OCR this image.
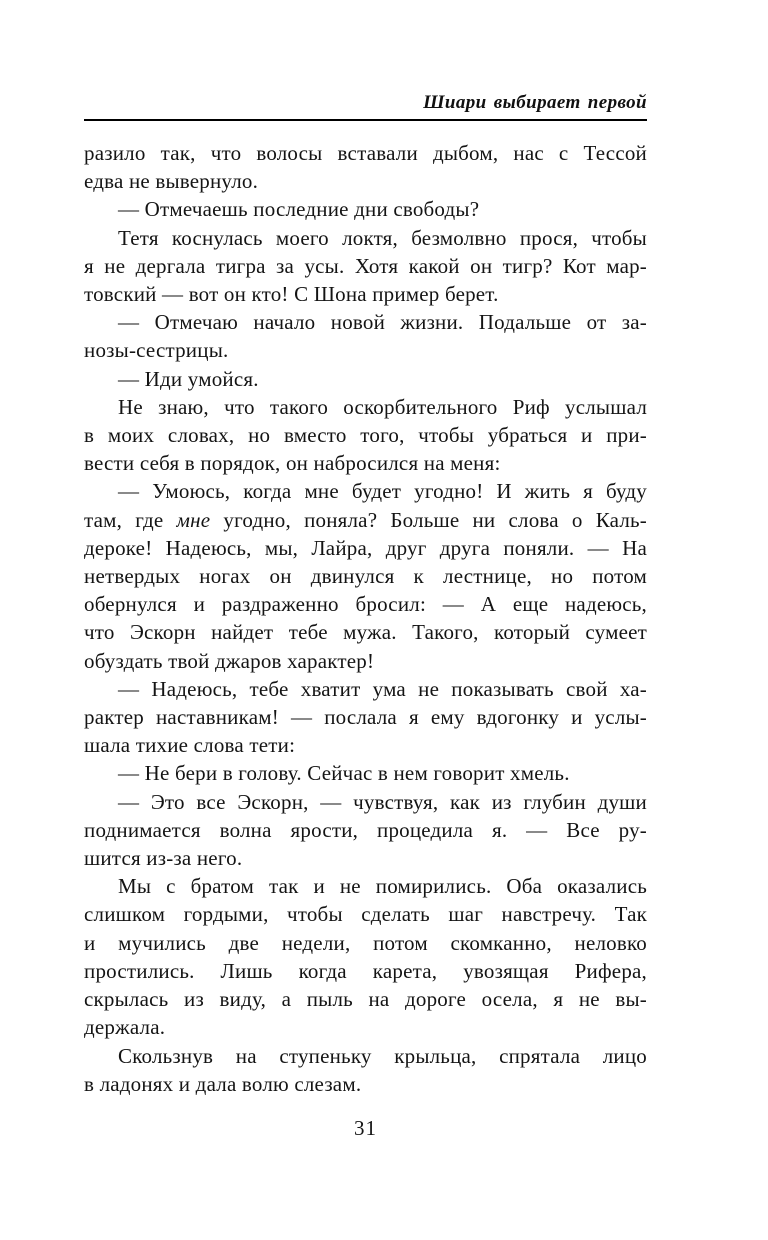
Шиари выбирает первой
разило так, что волосы вставали дыбом, нас с Тессой
едва не вывернуло.
— Отмечаешь последние дни свободы?
Тетя коснулась моего локтя, безмолвно прося, чтобы
я не дергала тигра за усы. Хотя какой он тигр? Кот мар-
товский — вот он кто! С Шона пример берет.
— Отмечаю начало новой жизни. Подальше от за-
нозы-сестрицы.
— Иди умойся.
Не знаю, что такого оскорбительного Риф услышал
в моих словах, но вместо того, чтобы убраться и при-
вести себя в порядок, он набросился на меня:
— Умоюсь, когда мне будет угодно! И жить я буду
там, где мне угодно, поняла? Больше ни слова о Каль-
дероке! Надеюсь, мы, Лайра, друг друга поняли. — На
нетвердых ногах он двинулся к лестнице, но потом
обернулся и раздраженно бросил: — А еще надеюсь,
что Эскорн найдет тебе мужа. Такого, который сумеет
обуздать твой джаров характер!
— Надеюсь, тебе хватит ума не показывать свой ха-
рактер наставникам! — послала я ему вдогонку и услы-
шала тихие слова тети:
— Не бери в голову. Сейчас в нем говорит хмель.
— Это все Эскорн, — чувствуя, как из глубин души
поднимается волна ярости, процедила я. — Все ру-
шится из-за него.
Мы с братом так и не помирились. Оба оказались
слишком гордыми, чтобы сделать шаг навстречу. Так
и мучились две недели, потом скомканно, неловко
простились. Лишь когда карета, увозящая Рифера,
скрылась из виду, а пыль на дороге осела, я не вы-
держала.
Скользнув на ступеньку крыльца, спрятала лицо
в ладонях и дала волю слезам.
31
